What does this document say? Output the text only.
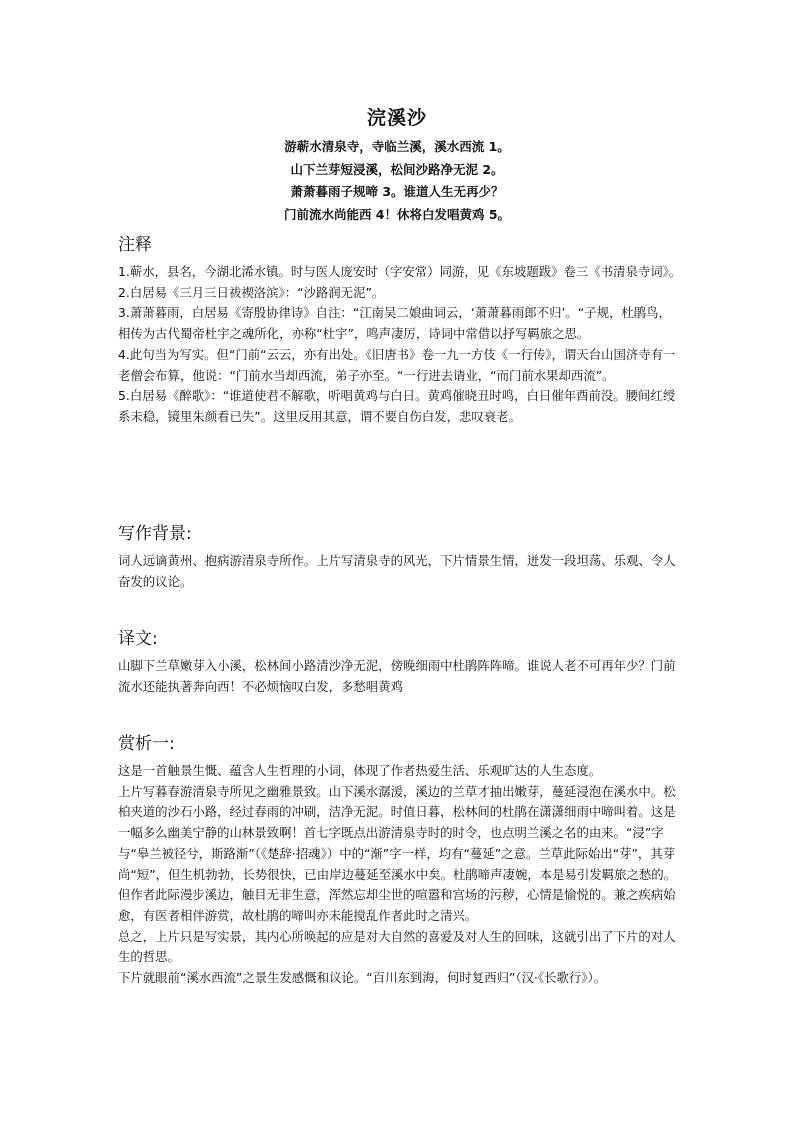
浣溪沙
游蕲水清泉寺，寺临兰溪，溪水西流 1。
山下兰芽短浸溪，松间沙路净无泥 2。
萧萧暮雨子规啼 3。谁道人生无再少？
门前流水尚能西 4！休将白发唱黄鸡 5。
注释

1.蕲水，县名，今湖北浠水镇。时与医人庞安时（字安常）同游，见《东坡题跋》卷三《书清泉寺词》。

2.白居易《三月三日祓禊洛滨》：“沙路润无泥”。

3.萧萧暮雨，白居易《寄殷协律诗》自注：“江南吴二娘曲词云，‘萧萧暮雨郎不归’。“子规，杜鹃鸟，相传为古代蜀帝杜宇之魂所化，亦称“杜宇”，鸣声凄厉，诗词中常借以抒写羁旅之思。

4.此句当为写实。但“门前“云云，亦有出处。《旧唐书》卷一九一方伎《一行传》，谓天台山国济寺有一老僧会布算，他说：“门前水当却西流，弟子亦至。“一行进去请业，“而门前水果却西流”。

5.白居易《醉歌》：“谁道使君不解歌，听唱黄鸡与白日。黄鸡催晓丑时鸣，白日催年酉前没。腰间红绶系未稳，镜里朱颜看已失”。这里反用其意，谓不要自伤白发，悲叹衰老。

写作背景:

词人远谪黄州、抱病游清泉寺所作。上片写清泉寺的风光，下片情景生情，迸发一段坦荡、乐观、令人奋发的议论。

译文:

山脚下兰草嫩芽入小溪，松林间小路清沙净无泥，傍晚细雨中杜鹃阵阵啼。谁说人老不可再年少？门前流水还能执著奔向西！不必烦恼叹白发，多愁唱黄鸡

赏析一:

这是一首触景生慨、蕴含人生哲理的小词，体现了作者热爱生活、乐观旷达的人生态度。

上片写暮春游清泉寺所见之幽雅景致。山下溪水潺湲，溪边的兰草才抽出嫩芽，蔓延浸泡在溪水中。松柏夹道的沙石小路，经过春雨的冲刷，洁净无泥。时值日暮，松林间的杜鹃在潇潇细雨中啼叫着。这是一幅多么幽美宁静的山林景致啊！首七字既点出游清泉寺时的时令，也点明兰溪之名的由来。“浸”字与“皋兰被径兮，斯路渐”（《楚辞·招魂》）中的“渐”字一样，均有“蔓延”之意。兰草此际始出“芽”，其芽尚“短”，但生机勃勃，长势很快，已由岸边蔓延至溪水中矣。杜鹃啼声凄婉，本是易引发羁旅之愁的。但作者此际漫步溪边，触目无非生意，浑然忘却尘世的喧嚣和宫场的污秽，心情是愉悦的。兼之疾病始愈，有医者相伴游赏，故杜鹃的啼叫亦未能搅乱作者此时之清兴。

总之，上片只是写实景，其内心所唤起的应是对大自然的喜爱及对人生的回味，这就引出了下片的对人生的哲思。

下片就眼前“溪水西流”之景生发感慨和议论。“百川东到海，何时复西归”（汉·《长歌行》）。
